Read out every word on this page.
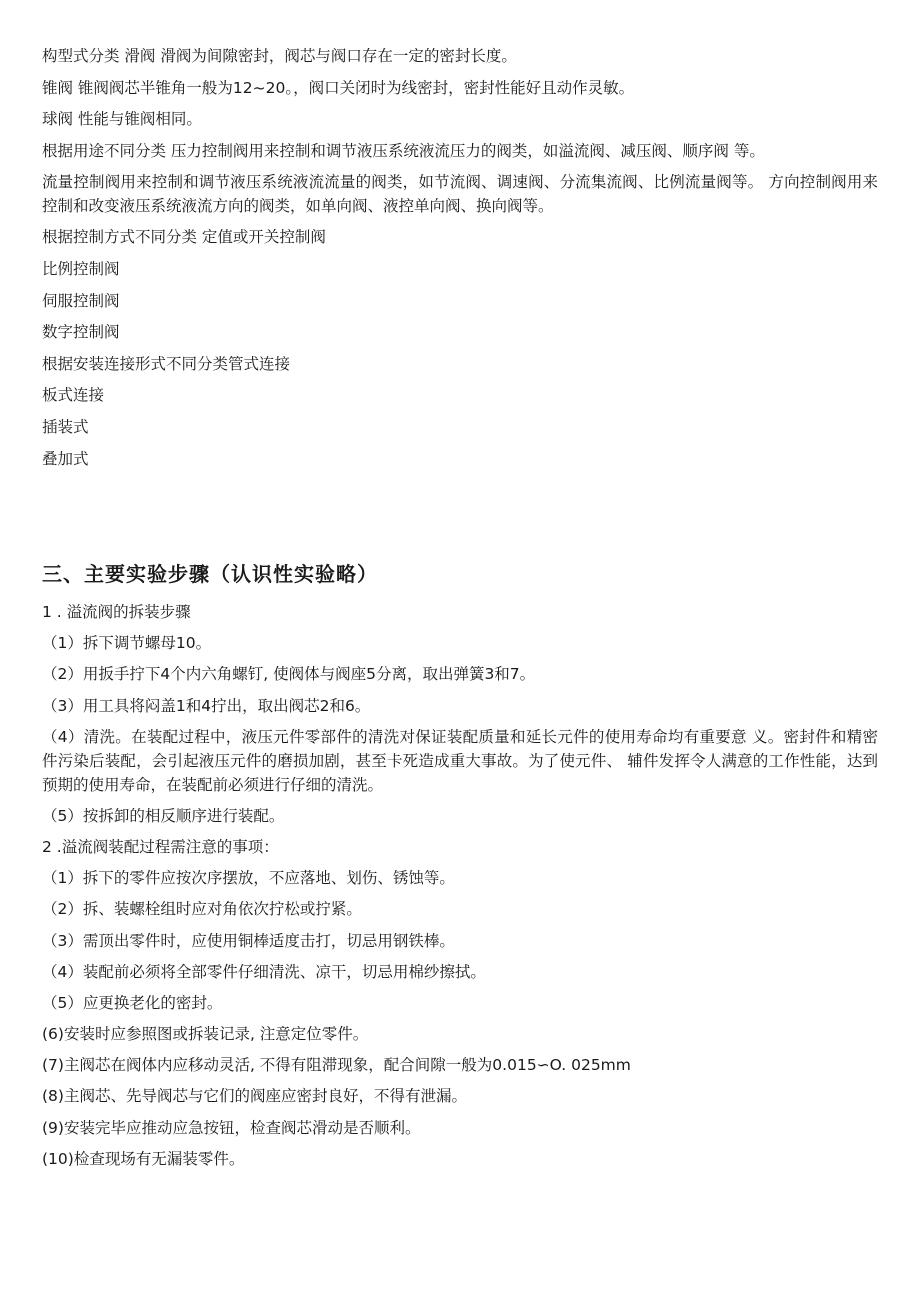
构型式分类 滑阀 滑阀为间隙密封，阀芯与阀口存在一定的密封长度。

锥阀 锥阀阀芯半锥角一般为12~20。，阀口关闭时为线密封，密封性能好且动作灵敏。

球阀 性能与锥阀相同。

根据用途不同分类 压力控制阀用来控制和调节液压系统液流压力的阀类，如溢流阀、减压阀、顺序阀 等。

流量控制阀用来控制和调节液压系统液流流量的阀类，如节流阀、调速阀、分流集流阀、比例流量阀等。 方向控制阀用来控制和改变液压系统液流方向的阀类，如单向阀、液控单向阀、换向阀等。

根据控制方式不同分类 定值或开关控制阀

比例控制阀

伺服控制阀

数字控制阀

根据安装连接形式不同分类管式连接

板式连接

插装式

叠加式

三、主要实验步骤（认识性实验略）

1 . 溢流阀的拆装步骤

（1）拆下调节螺母10。

（2）用扳手拧下4个内六角螺钉, 使阀体与阀座5分离，取出弹簧3和7。

（3）用工具将闷盖1和4拧出，取出阀芯2和6。

（4）清洗。在装配过程中，液压元件零部件的清洗对保证装配质量和延长元件的使用寿命均有重要意 义。密封件和精密件污染后装配，会引起液压元件的磨损加剧，甚至卡死造成重大事故。为了使元件、 辅件发挥令人满意的工作性能，达到预期的使用寿命，在装配前必须进行仔细的清洗。

（5）按拆卸的相反顺序进行装配。

2 .溢流阀装配过程需注意的事项：

（1）拆下的零件应按次序摆放，不应落地、划伤、锈蚀等。

（2）拆、装螺栓组时应对角依次拧松或拧紧。

（3）需顶出零件时，应使用铜棒适度击打，切忌用钢铁棒。

（4）装配前必须将全部零件仔细清洗、凉干，切忌用棉纱擦拭。

（5）应更换老化的密封。

(6)安装时应参照图或拆装记录, 注意定位零件。

(7)主阀芯在阀体内应移动灵活, 不得有阻滞现象，配合间隙一般为0.015∽O. 025mm

(8)主阀芯、先导阀芯与它们的阀座应密封良好，不得有泄漏。

(9)安装完毕应推动应急按钮，检查阀芯滑动是否顺利。

(10)检查现场有无漏装零件。
